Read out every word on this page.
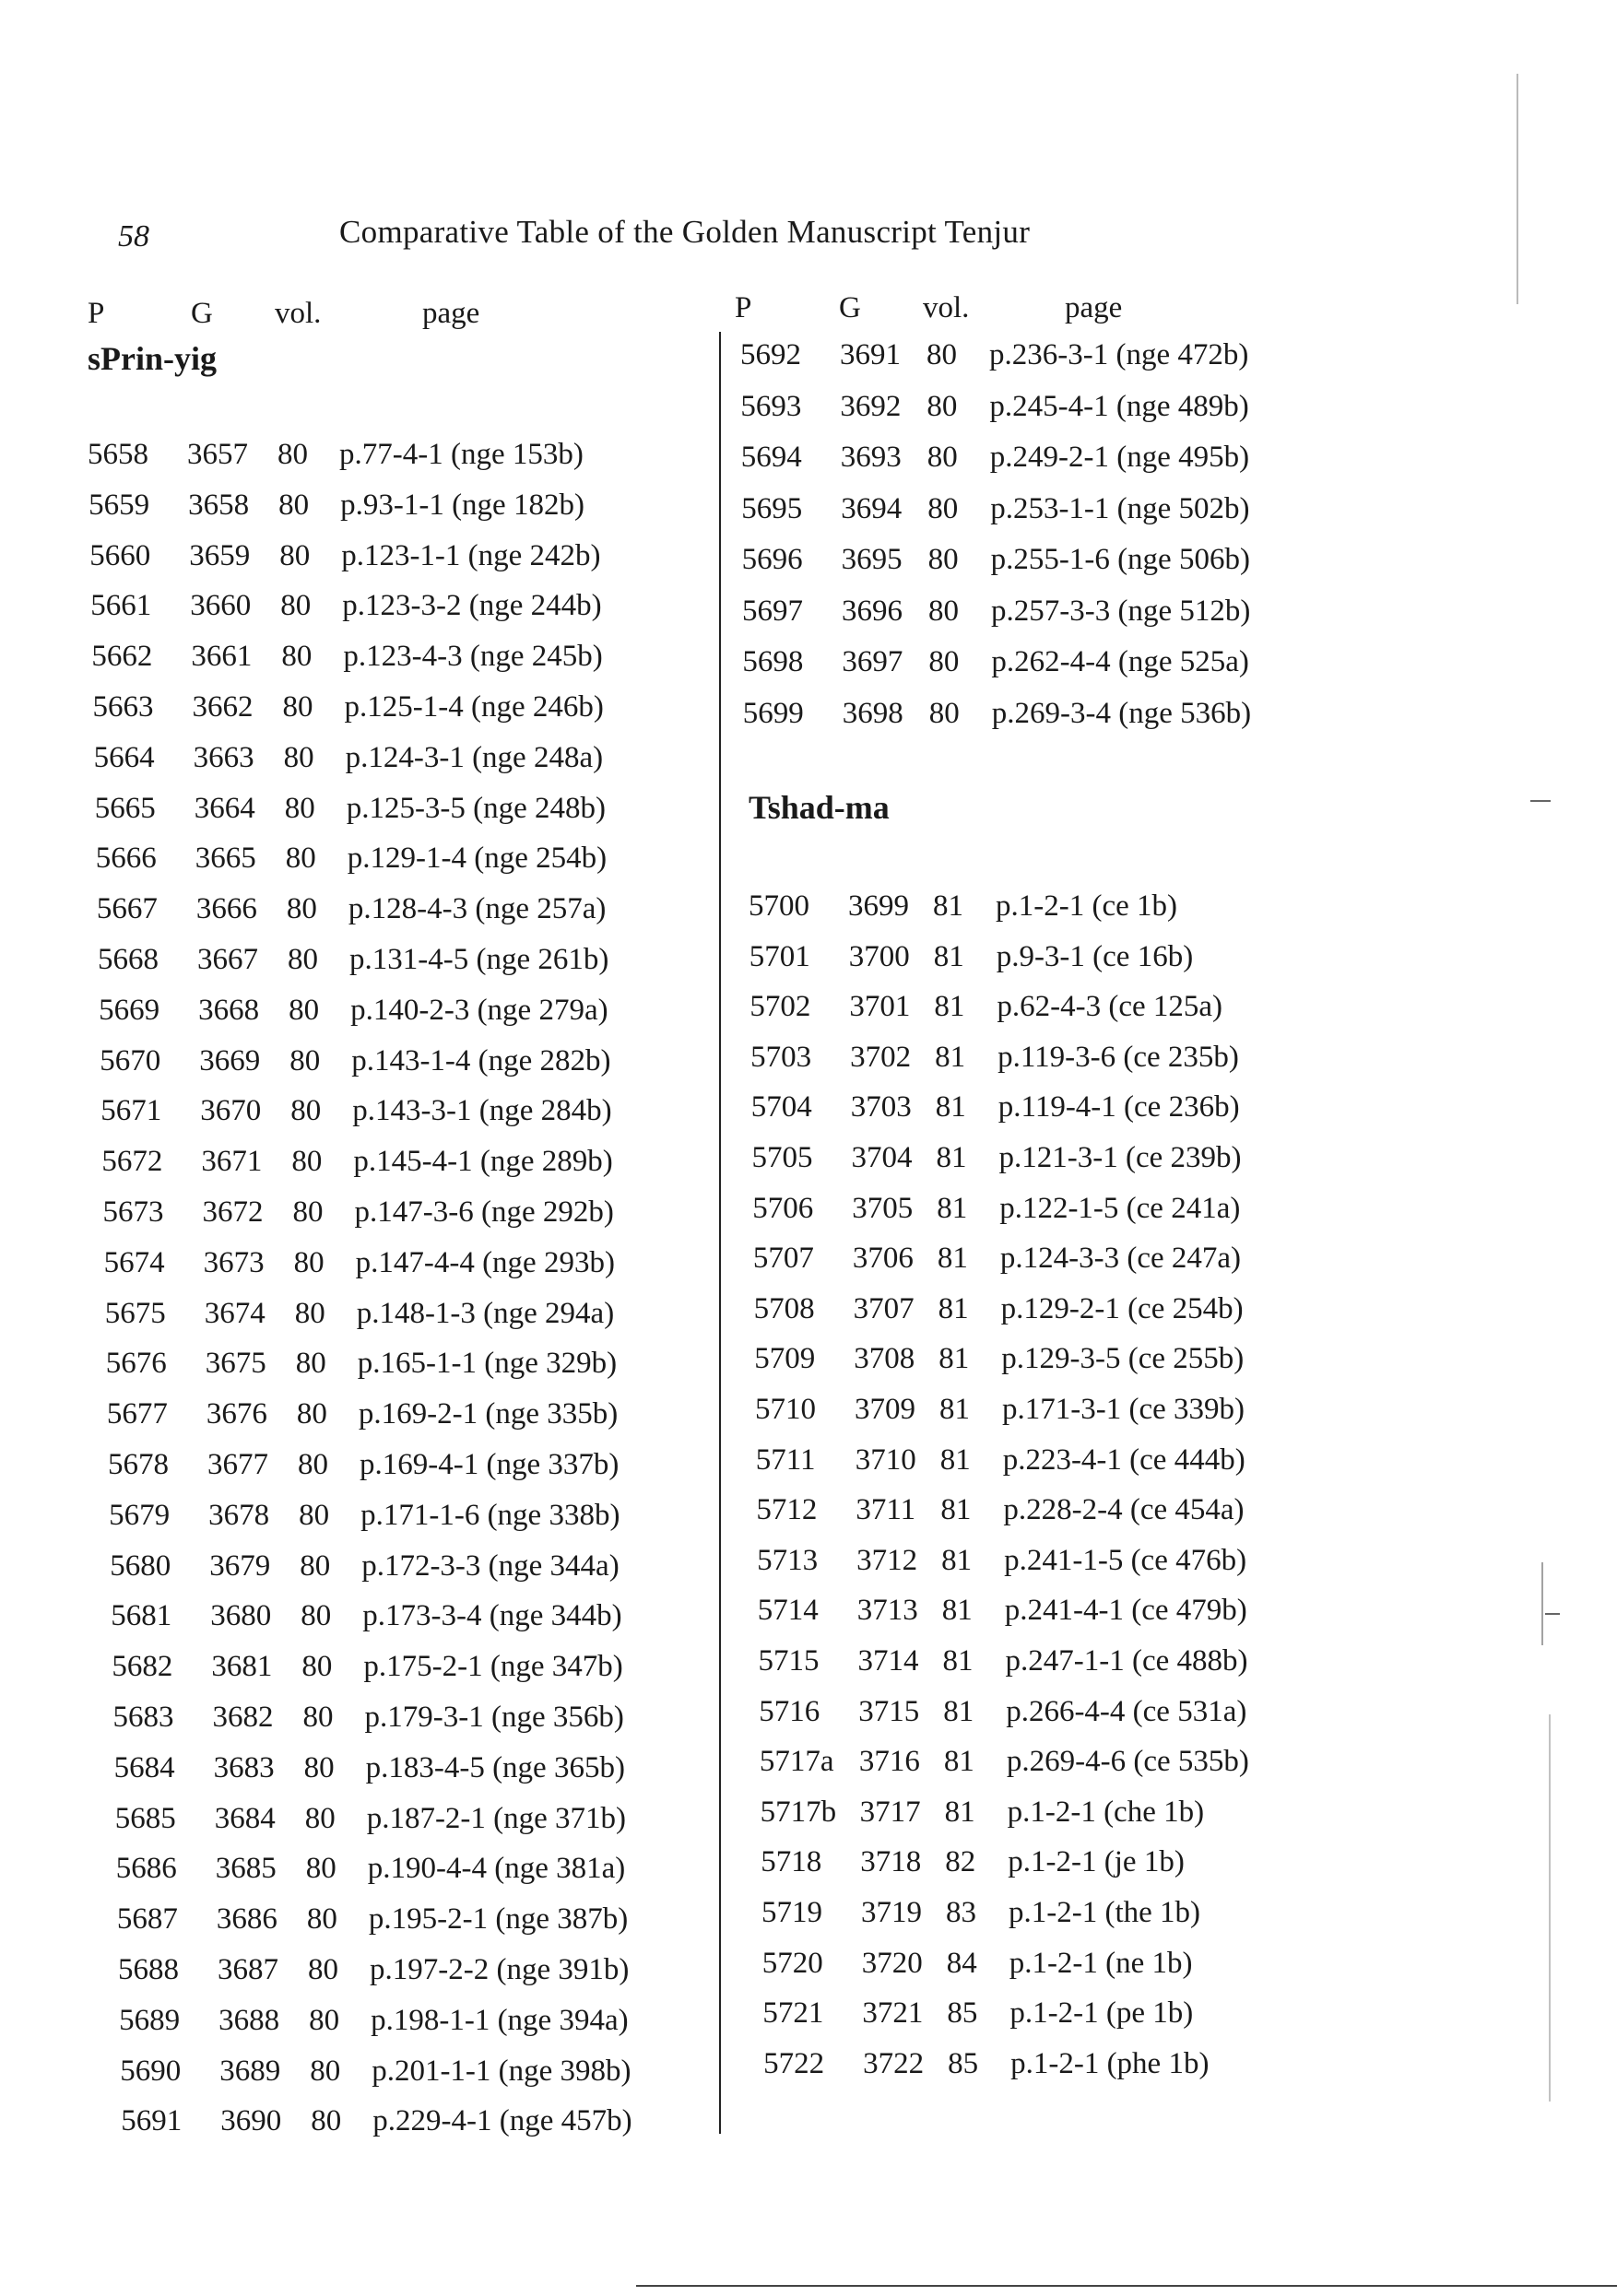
58	Comparative Table of the Golden Manuscript Tenjur
P	G vol.	page	P	G vol.	page
sPrin-yig
Tshad-ma
5658 3657 80 p.77-4-1 (nge 153b)
5659 3658 80 p.93-1-1 (nge 182b)
5660 3659 80 p.123-1-1 (nge 242b)
5661 3660 80 p.123-3-2 (nge 244b)
5662 3661 80 p.123-4-3 (nge 245b)
5663 3662 80 p.125-1-4 (nge 246b)
5664 3663 80 p.124-3-1 (nge 248a)
5665 3664 80 p.125-3-5 (nge 248b)
5666 3665 80 p.129-1-4 (nge 254b)
5667 3666 80 p.128-4-3 (nge 257a)
5668 3667 80 p.131-4-5 (nge 261b)
5669 3668 80 p.140-2-3 (nge 279a)
5670 3669 80 p.143-1-4 (nge 282b)
5671 3670 80 p.143-3-1 (nge 284b)
5672 3671 80 p.145-4-1 (nge 289b)
5673 3672 80 p.147-3-6 (nge 292b)
5674 3673 80 p.147-4-4 (nge 293b)
5675 3674 80 p.148-1-3 (nge 294a)
5676 3675 80 p.165-1-1 (nge 329b)
5677 3676 80 p.169-2-1 (nge 335b)
5678 3677 80 p.169-4-1 (nge 337b)
5679 3678 80 p.171-1-6 (nge 338b)
5680 3679 80 p.172-3-3 (nge 344a)
5681 3680 80 p.173-3-4 (nge 344b)
5682 3681 80 p.175-2-1 (nge 347b)
5683 3682 80 p.179-3-1 (nge 356b)
5684 3683 80 p.183-4-5 (nge 365b)
5685 3684 80 p.187-2-1 (nge 371b)
5686 3685 80 p.190-4-4 (nge 381a)
5687 3686 80 p.195-2-1 (nge 387b)
5688 3687 80 p.197-2-2 (nge 391b)
5689 3688 80 p.198-1-1 (nge 394a)
5690 3689 80 p.201-1-1 (nge 398b)
5691 3690 80 p.229-4-1 (nge 457b)
5692 3691 80 p.236-3-1 (nge 472b)
5693 3692 80 p.245-4-1 (nge 489b)
5694 3693 80 p.249-2-1 (nge 495b)
5695 3694 80 p.253-1-1 (nge 502b)
5696 3695 80 p.255-1-6 (nge 506b)
5697 3696 80 p.257-3-3 (nge 512b)
5698 3697 80 p.262-4-4 (nge 525a)
5699 3698 80 p.269-3-4 (nge 536b)
5700 3699 81 p.1-2-1 (ce 1b)
5701 3700 81 p.9-3-1 (ce 16b)
5702 3701 81 p.62-4-3 (ce 125a)
5703 3702 81 p.119-3-6 (ce 235b)
5704 3703 81 p.119-4-1 (ce 236b)
5705 3704 81 p.121-3-1 (ce 239b)
5706 3705 81 p.122-1-5 (ce 241a)
5707 3706 81 p.124-3-3 (ce 247a)
5708 3707 81 p.129-2-1 (ce 254b)
5709 3708 81 p.129-3-5 (ce 255b)
5710 3709 81 p.171-3-1 (ce 339b)
5711 3710 81 p.223-4-1 (ce 444b)
5712 3711 81 p.228-2-4 (ce 454a)
5713 3712 81 p.241-1-5 (ce 476b)
5714 3713 81 p.241-4-1 (ce 479b)
5715 3714 81 p.247-1-1 (ce 488b)
5716 3715 81 p.266-4-4 (ce 531a)
5717a 3716 81 p.269-4-6 (ce 535b)
5717b 3717 81 p.1-2-1 (che 1b)
5718 3718 82 p.1-2-1 (je 1b)
5719 3719 83 p.1-2-1 (the 1b)
5720 3720 84 p.1-2-1 (ne 1b)
5721 3721 85 p.1-2-1 (pe 1b)
5722 3722 85 p.1-2-1 (phe 1b)
